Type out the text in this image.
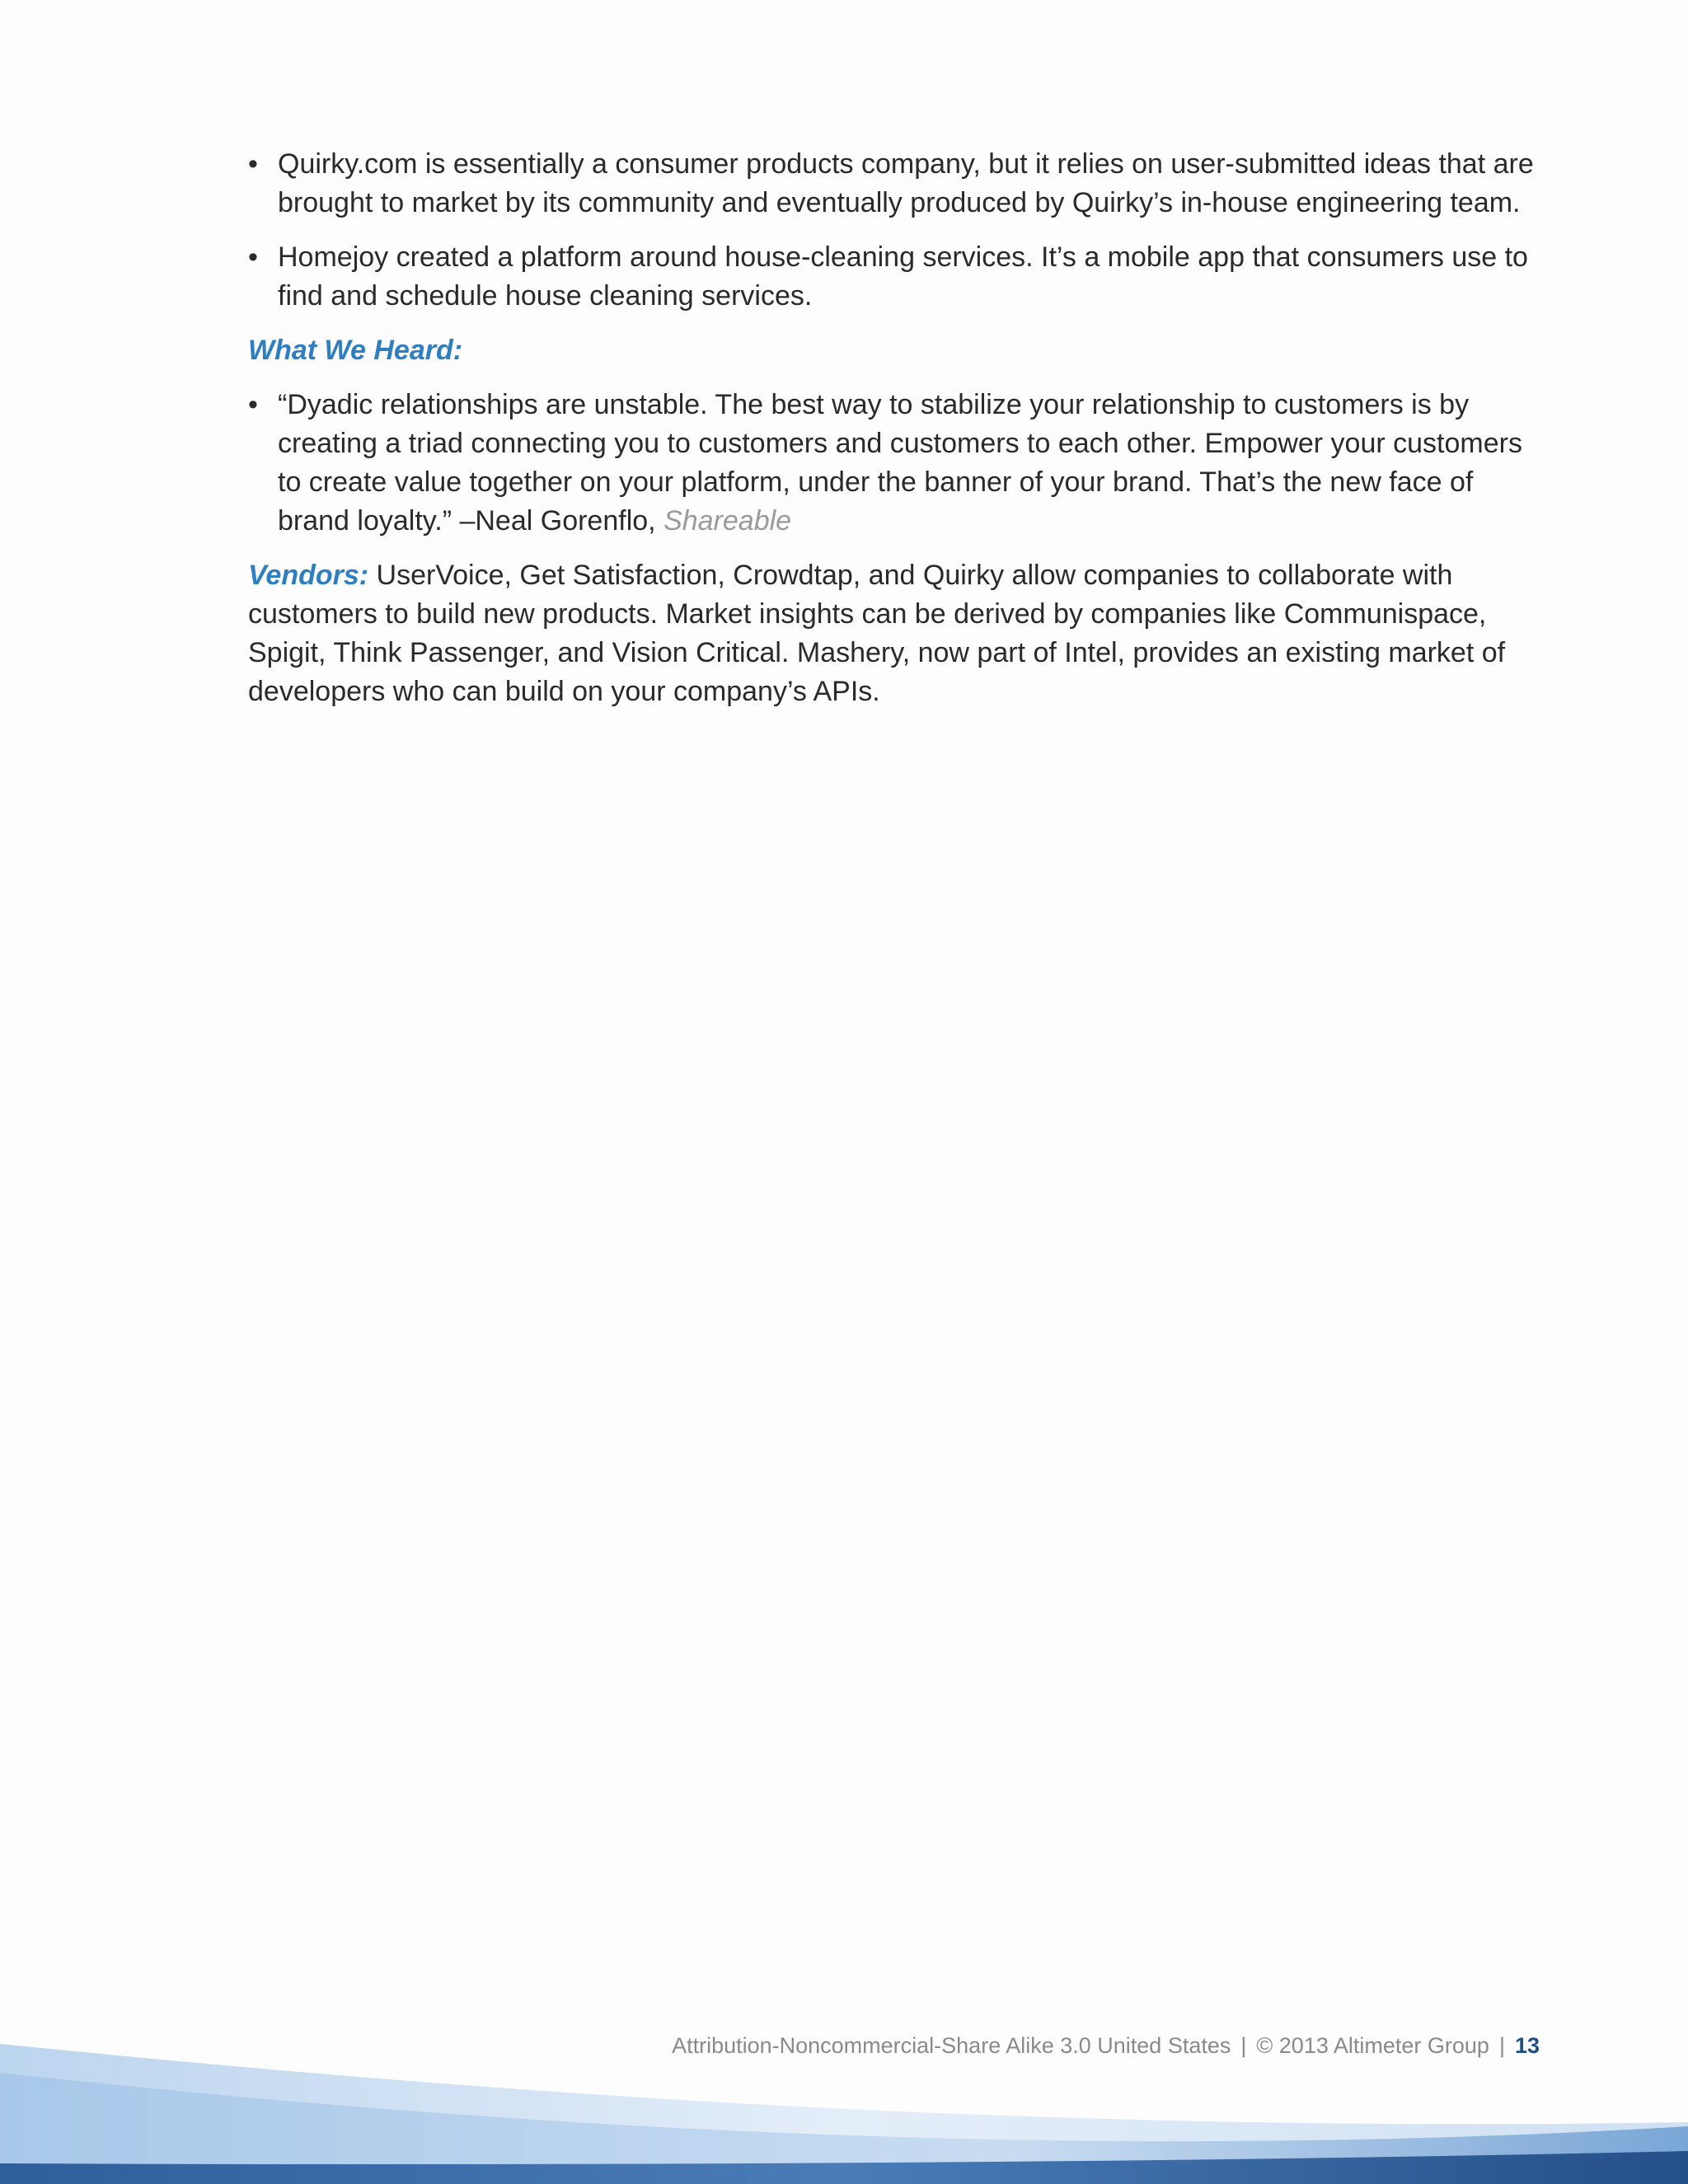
• Quirky.com is essentially a consumer products company, but it relies on user-submitted ideas that are brought to market by its community and eventually produced by Quirky’s in-house engineering team.
• Homejoy created a platform around house-cleaning services. It’s a mobile app that consumers use to find and schedule house cleaning services.

What We Heard:

• “Dyadic relationships are unstable. The best way to stabilize your relationship to customers is by creating a triad connecting you to customers and customers to each other. Empower your customers to create value together on your platform, under the banner of your brand. That’s the new face of brand loyalty.” –Neal Gorenflo, Shareable

Vendors: UserVoice, Get Satisfaction, Crowdtap, and Quirky allow companies to collaborate with customers to build new products. Market insights can be derived by companies like Communispace, Spigit, Think Passenger, and Vision Critical. Mashery, now part of Intel, provides an existing market of developers who can build on your company’s APIs.

Attribution-Noncommercial-Share Alike 3.0 United States | © 2013 Altimeter Group | 13
